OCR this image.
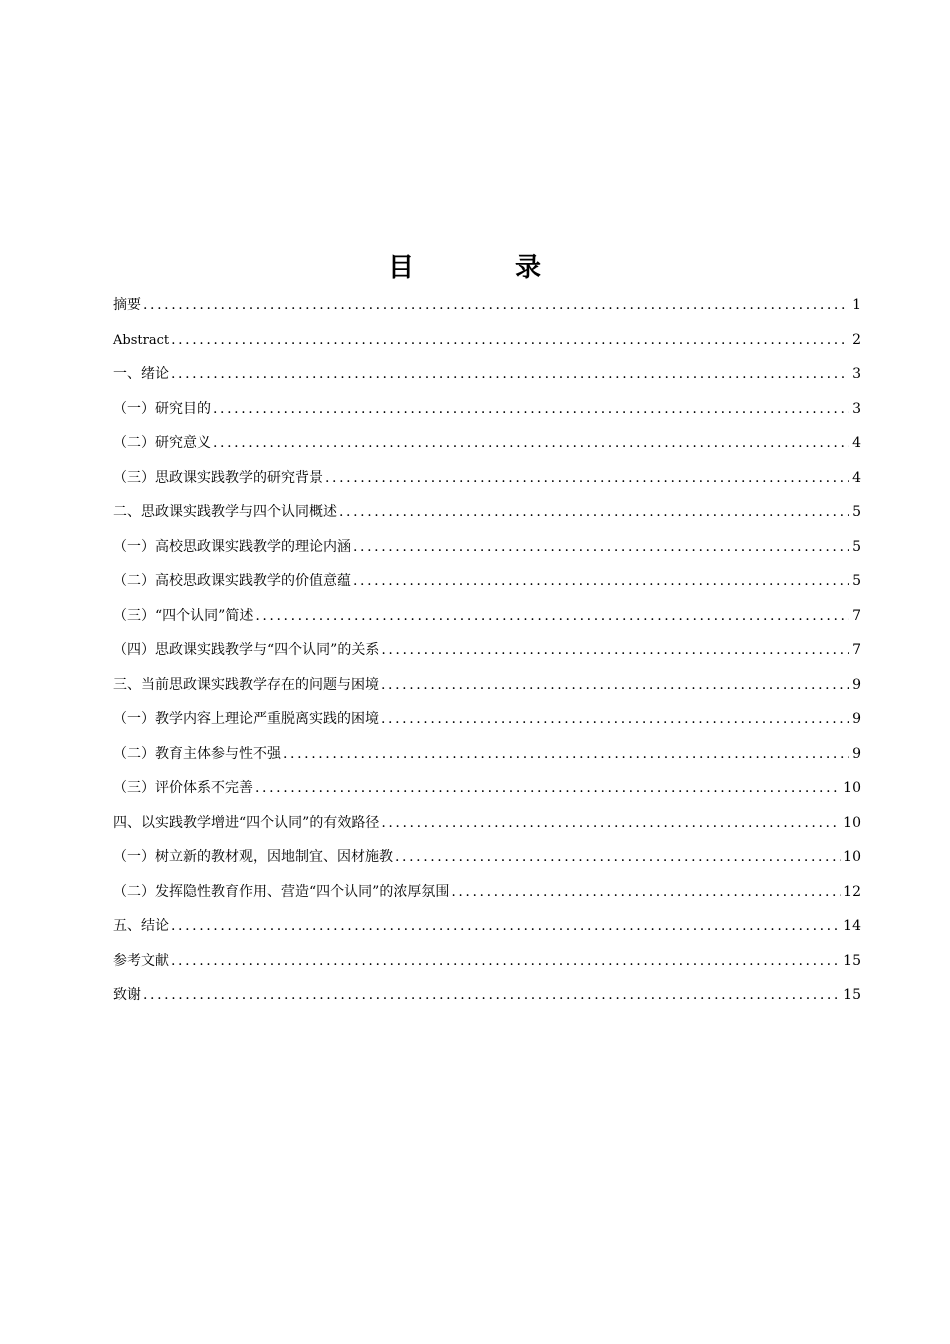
目 录
摘要 .....	1
Abstract .....	2
一、绪论 .....	3
（一）研究目的 .....	3
（二）研究意义 .....	4
（三）思政课实践教学的研究背景 .....	4
二、思政课实践教学与四个认同概述 .....	5
（一）高校思政课实践教学的理论内涵 .....	5
（二）高校思政课实践教学的价值意蕴 .....	5
（三）“四个认同”简述 .....	7
（四）思政课实践教学与“四个认同”的关系 .....	7
三、当前思政课实践教学存在的问题与困境 .....	9
（一）教学内容上理论严重脱离实践的困境 .....	9
（二）教育主体参与性不强 .....	9
（三）评价体系不完善 .....	10
四、以实践教学增进“四个认同”的有效路径 .....	10
（一）树立新的教材观，因地制宜、因材施教 .....	10
（二）发挥隐性教育作用、营造“四个认同”的浓厚氛围 .....	12
五、结论 .....	14
参考文献 .....	15
致谢 .....	15
